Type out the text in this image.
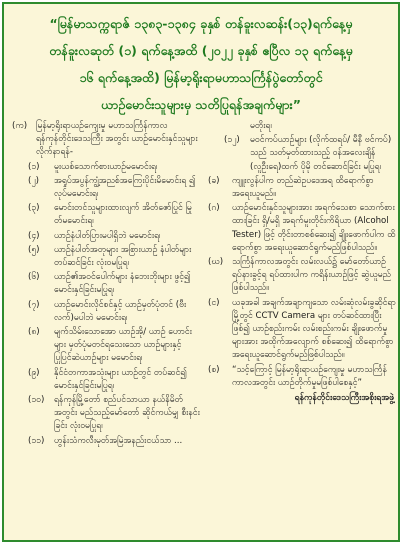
“မြန်မာသက္ကရာဇ် ၁၃၈၃-၁၃၈၄ ခုနှစ် တန်ခူးလဆန်း(၁၃)ရက်နေ့မှ
တန်ခူးလဆုတ် (၁) ရက်နေ့အထိ (၂၀၂၂ ခုနှစ် ဧပြီလ ၁၃ ရက်နေ့မှ
၁၆ ရက်နေ့အထိ) မြန်မာ့ရိုးရာမဟာသင်္ကြန်ပွဲတော်တွင်
ယာဉ်မောင်းသူများမှ သတိပြုရန်အချက်များ”
(က) မြန်မာ့ရိုးရာယဉ်ကျေးမှု မဟာသင်္ကြန်ကာလ ရန်ကုန်တိုင်းဒေသကြီး အတွင်း ယာဉ်မောင်းနှင်သူများ လိုက်နာရန်-
(၁) မူးယစ်သောက်စားယာဉ်မမောင်းရ၊
(၂) အရှုပ်အပွန်ကျွံ့အညစ်အကြေးပိုင်းမိမောင်းရ ၍ လုပ်မမောင်းရ၊
(၃) မောင်းတင်သူများထားလျက် အိတ်ဇော်ပြုင် မြုတ်မမောင်းရ၊
(၄) ယာဉ်နံပါတ်ပြားမပါရှိဘဲ မမောင်းရ၊
(၅) ယာဉ်နံပါတ်အတုများ အစြားယာဉ် နံပါတ်များ တပ်ဆင်ခြင်း လုံးဝမပြုရ၊
(၆) ယာဉ်၏အဝင်ပေါက်များ နံဘေးဘိုးများ ဖွင့်၍ မောင်းနှင်ခြင်းမပြုရ၊
(၇) ယာဉ်မောင်းလိုင်စင်နှင့် ယာဉ်မှတ်ပုံတင် (ဗီးလက်)မပါဘဲ မမောင်းရ၊
(၈) မျက်သိမ်းသောအော ယာဉ်အို/ ယာဉ် ဟောင်းများ မှတ်ပုံမတင်ရသေးသော ယာဉ်များနှင့် ပြုပြင်ဆဲယာဉ်များ မမောင်းရ၊
(၉) နိုင်ငံတကာအသုံးများ ယာဉ်တွင် တပ်ဆင်၍ မောင်းနှင်ခြင်းမပြုရ၊
(၁၀) ရန်ကုန်မြို့တော် စည်ပင်သာယာ နယ်နိမိတ်အတွင်း မည်သည့်မော်တော် ဆိုင်ကယ်မျှ စီးနင်းခြင်း လုံးဝမပြုရ၊
(၁၁) ဟွန်းသံကလီးမုတ်အမြဲအနည်းငယ်သာ ...
မတိုးရ၊
(၁၂) မဝင်ကပ်ယာဉ်များ (လိုက်ထရပ်/ မီနီ ဗင်ကပ်) သည် သတ်မှတ်ထားသည့် ဝန်အလေးချိန် (လူဦးရေ)ထက် ပိုမို တင်ဆောင်ခြင်း မပြုရ၊
(ခ) ကျူးလွန်ပါက တည်ဆဲဥပဒေအရ ထိရောက်စွာ အရေးယူမည်။
(ဂ) ယာဉ်မောင်းနှင်သူများအား အရက်သေစာ သောက်စားထားခြင်း ရှိ/မရှိ အရက်မူးတိုင်းကိရိယာ (Alcohol Tester) ဖြင့် တိုင်းတာစစ်ဆေး၍ ချိုးဖောက်ပါက ထိရောက်စွာ အရေးယူဆောင်ရွက်မည်ဖြစ်ပါသည်။
(ဃ) သင်္ကြန်ကာလအတွင်း လမ်းလယ်၌ မော်တော်ယာဉ်ရပ်နားခွင့်ရ ရပ်ထားပါက ကရိန်းယာဉ်ဖြင့် ဆွဲယူမည်ဖြစ်ပါသည်။
(င) ယခုအခါ အချက်အချာကျသော လမ်းဆုံလမ်းခွဆိုင်ရာမြို့တွင် CCTV Camera များ တပ်ဆင်ထားပြီးဖြစ်၍ ယာဉ်စည်းကမ်း လမ်းစည်းကမ်း ချိုးဖောက်မှုများအား အထိုက်အလျောက် စစ်ဆေး၍ ထိရောက်စွာ အရေးယူဆောင်ရွက်မည်ဖြစ်ပါသည်။
(စ) “သင့်ကြောင့် မြန်မာ့ရိုးရာယဉ်ကျေးမှု မဟာသင်္ကြန်ကာလအတွင်း ယာဉ်တိုက်မှုမဖြစ်ပါစေနှင့်”
ရန်ကုန်တိုင်းဒေသကြီးအစိုးရအဖွဲ့
